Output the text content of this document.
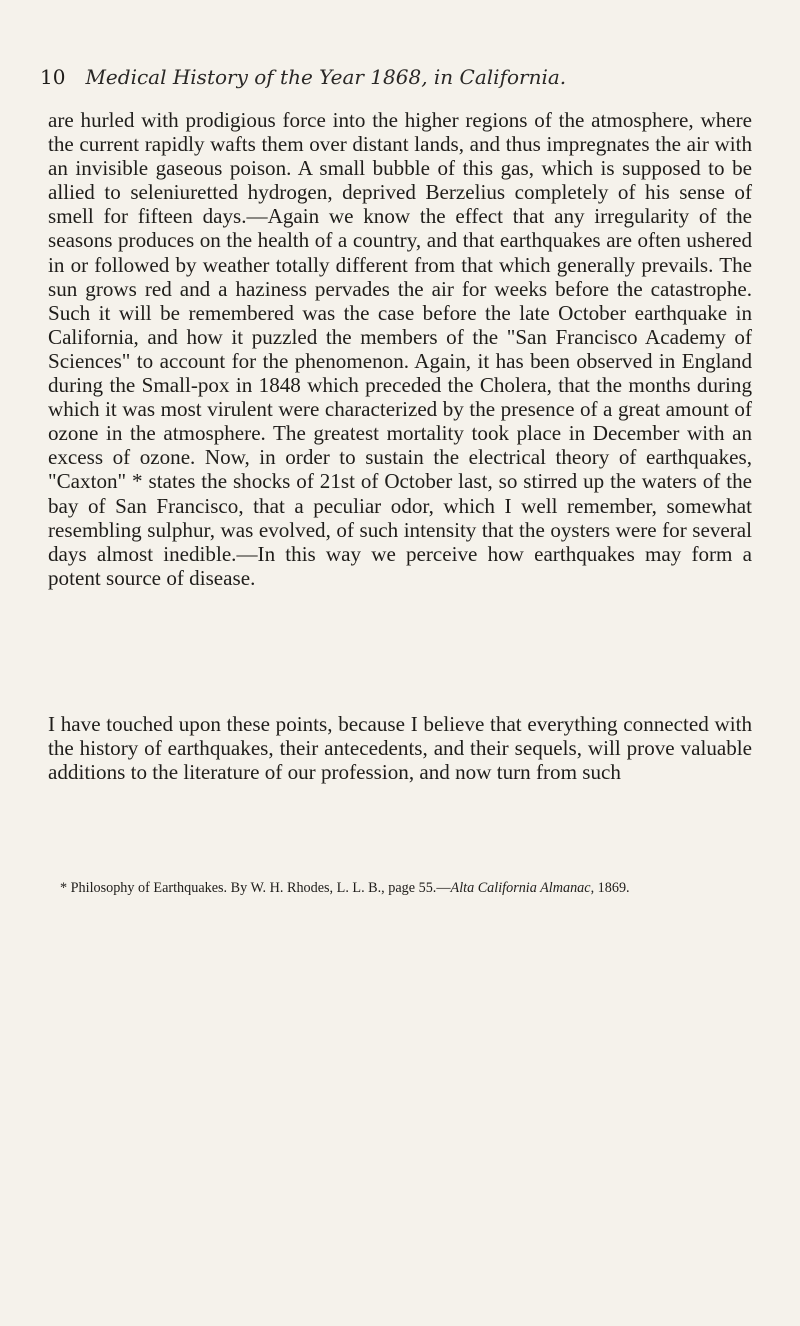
10 Medical History of the Year 1868, in California.

are hurled with prodigious force into the higher regions of the atmosphere, where the current rapidly wafts them over distant lands, and thus impregnates the air with an invisible gaseous poison. A small bubble of this gas, which is supposed to be allied to seleniuretted hydrogen, deprived Berzelius completely of his sense of smell for fifteen days.—Again we know the effect that any irregularity of the seasons produces on the health of a country, and that earthquakes are often ushered in or followed by weather totally different from that which generally prevails. The sun grows red and a haziness pervades the air for weeks before the catastrophe. Such it will be remembered was the case before the late October earthquake in California, and how it puzzled the members of the "San Francisco Academy of Sciences" to account for the phenomenon. Again, it has been observed in England during the Small-pox in 1848 which preceded the Cholera, that the months during which it was most virulent were characterized by the presence of a great amount of ozone in the atmosphere. The greatest mortality took place in December with an excess of ozone. Now, in order to sustain the electrical theory of earthquakes, "Caxton" * states the shocks of 21st of October last, so stirred up the waters of the bay of San Francisco, that a peculiar odor, which I well remember, somewhat resembling sulphur, was evolved, of such intensity that the oysters were for several days almost inedible.—In this way we perceive how earthquakes may form a potent source of disease.

I have touched upon these points, because I believe that everything connected with the history of earthquakes, their antecedents, and their sequels, will prove valuable additions to the literature of our profession, and now turn from such

* Philosophy of Earthquakes. By W. H. Rhodes, L. L. B., page 55.—Alta California Almanac, 1869.
